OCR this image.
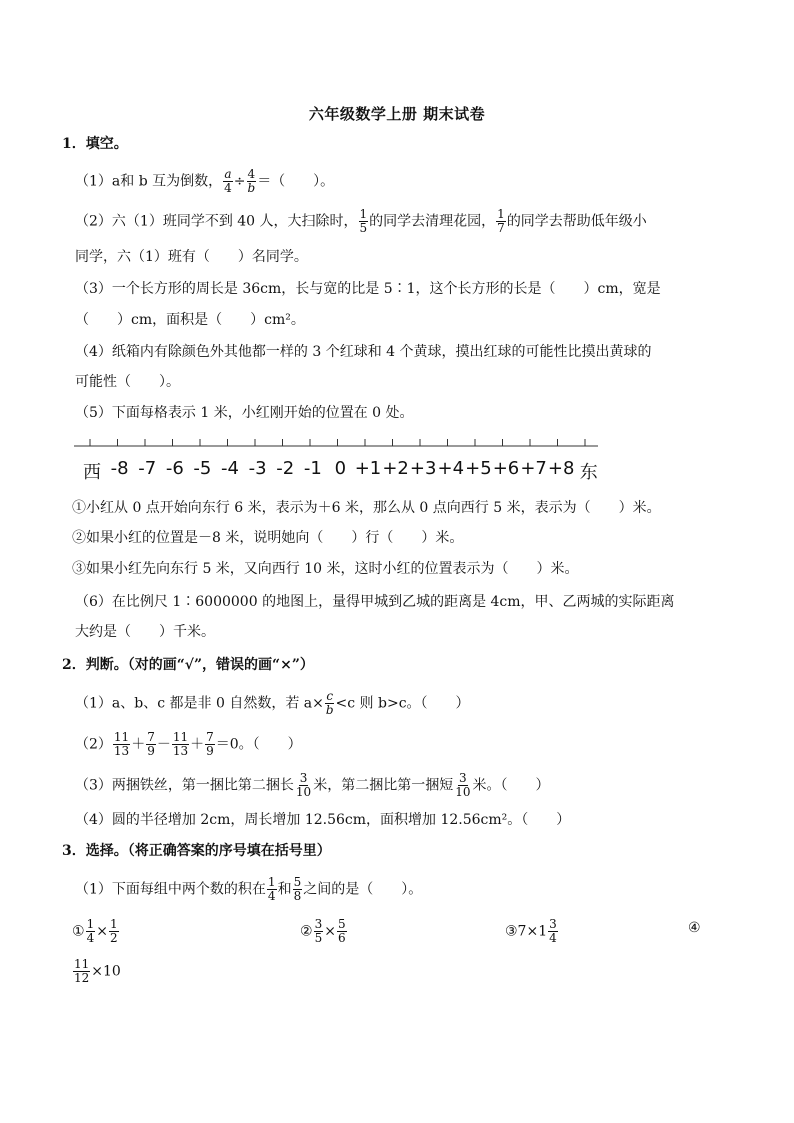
六年级数学上册 期末试卷
1．填空。
（1）a和 b 互为倒数， $\frac{a}{4} \div \frac{4}{b}$ ＝（　　）。
（2）六（1）班同学不到 40 人，大扫除时， $\frac{1}{5}$ 的同学去清理花园， $\frac{1}{7}$ 的同学去帮助低年级小
同学，六（1）班有（　　）名同学。
（3）一个长方形的周长是 36cm，长与宽的比是 5∶1，这个长方形的长是（　　）cm，宽是
（　　）cm，面积是（　　）cm²。
（4）纸箱内有除颜色外其他都一样的 3 个红球和 4 个黄球，摸出红球的可能性比摸出黄球的
可能性（　　）。
（5）下面每格表示 1 米，小红刚开始的位置在 0 处。
西 -8 -7 -6 -5 -4 -3 -2 -1 0 +1 +2 +3 +4 +5 +6 +7 +8 东
①小红从 0 点开始向东行 6 米，表示为＋6 米，那么从 0 点向西行 5 米，表示为（　　）米。
②如果小红的位置是－8 米，说明她向（　　）行（　　）米。
③如果小红先向东行 5 米，又向西行 10 米，这时小红的位置表示为（　　）米。
（6）在比例尺 1∶6000000 的地图上，量得甲城到乙城的距离是 4cm，甲、乙两城的实际距离
大约是（　　）千米。
2．判断。（对的画“√”，错误的画“×”）
（1）a、b、c 都是非 0 自然数，若 $a\times \frac{c}{b} <c$ 则 b>c。（　　）
$(2) \frac{11}{13} + \frac{7}{9} - \frac{11}{13} + \frac{7}{9} =0$。（　　）
（3）两捆铁丝，第一捆比第二捆长 $\frac{3}{10}$ 米，第二捆比第一捆短 $\frac{3}{10}$ 米。（　　）
（4）圆的半径增加 2cm，周长增加 12.56cm，面积增加 12.56cm²。（　　）
3．选择。（将正确答案的序号填在括号里）
（1）下面每组中两个数的积在 $\frac{1}{4}$ 和 $\frac{5}{8}$ 之间的是（　　）。
① $\frac{1}{4} \times \frac{1}{2}$	② $\frac{3}{5} \times \frac{5}{6}$	③7×1 $\frac{3}{4}$	④
$\frac{11}{12} \times 10$
